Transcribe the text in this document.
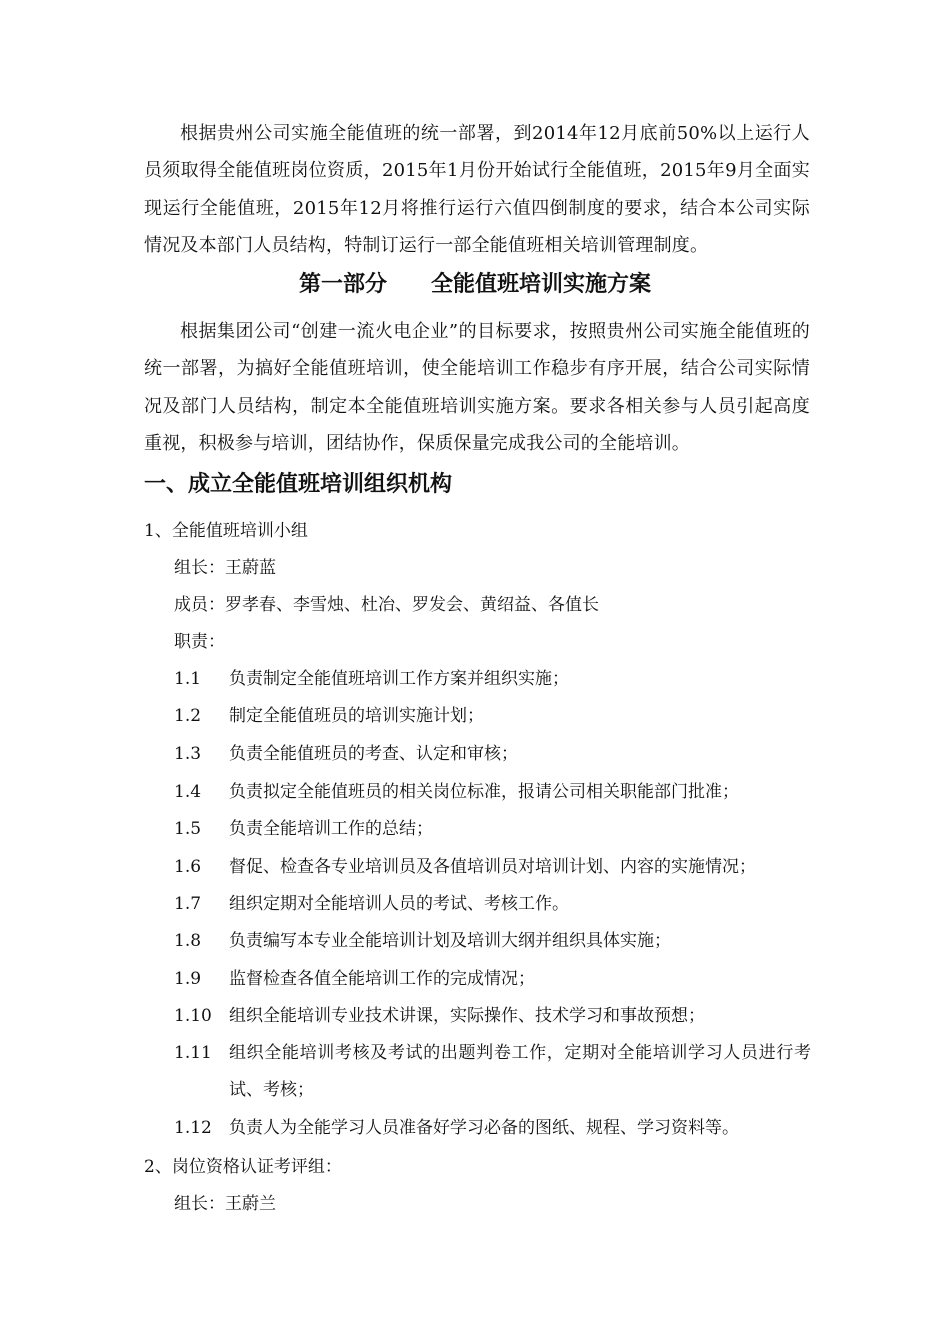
根据贵州公司实施全能值班的统一部署，到2014年12月底前50%以上运行人员须取得全能值班岗位资质，2015年1月份开始试行全能值班，2015年9月全面实现运行全能值班，2015年12月将推行运行六值四倒制度的要求，结合本公司实际情况及本部门人员结构，特制订运行一部全能值班相关培训管理制度。

第一部分　　全能值班培训实施方案

根据集团公司“创建一流火电企业”的目标要求，按照贵州公司实施全能值班的统一部署，为搞好全能值班培训，使全能培训工作稳步有序开展，结合公司实际情况及部门人员结构，制定本全能值班培训实施方案。要求各相关参与人员引起高度重视，积极参与培训，团结协作，保质保量完成我公司的全能培训。

一、成立全能值班培训组织机构
1、全能值班培训小组
组长：王蔚蓝
成员：罗孝春、李雪烛、杜冶、罗发会、黄绍益、各值长
职责：
1.1 负责制定全能值班培训工作方案并组织实施；
1.2 制定全能值班员的培训实施计划；
1.3 负责全能值班员的考查、认定和审核；
1.4 负责拟定全能值班员的相关岗位标准，报请公司相关职能部门批准；
1.5 负责全能培训工作的总结；
1.6 督促、检查各专业培训员及各值培训员对培训计划、内容的实施情况；
1.7 组织定期对全能培训人员的考试、考核工作。
1.8 负责编写本专业全能培训计划及培训大纲并组织具体实施；
1.9 监督检查各值全能培训工作的完成情况；
1.10 组织全能培训专业技术讲课，实际操作、技术学习和事故预想；
1.11 组织全能培训考核及考试的出题判卷工作，定期对全能培训学习人员进行考试、考核；
1.12 负责人为全能学习人员准备好学习必备的图纸、规程、学习资料等。
2、岗位资格认证考评组：
组长：王蔚兰
